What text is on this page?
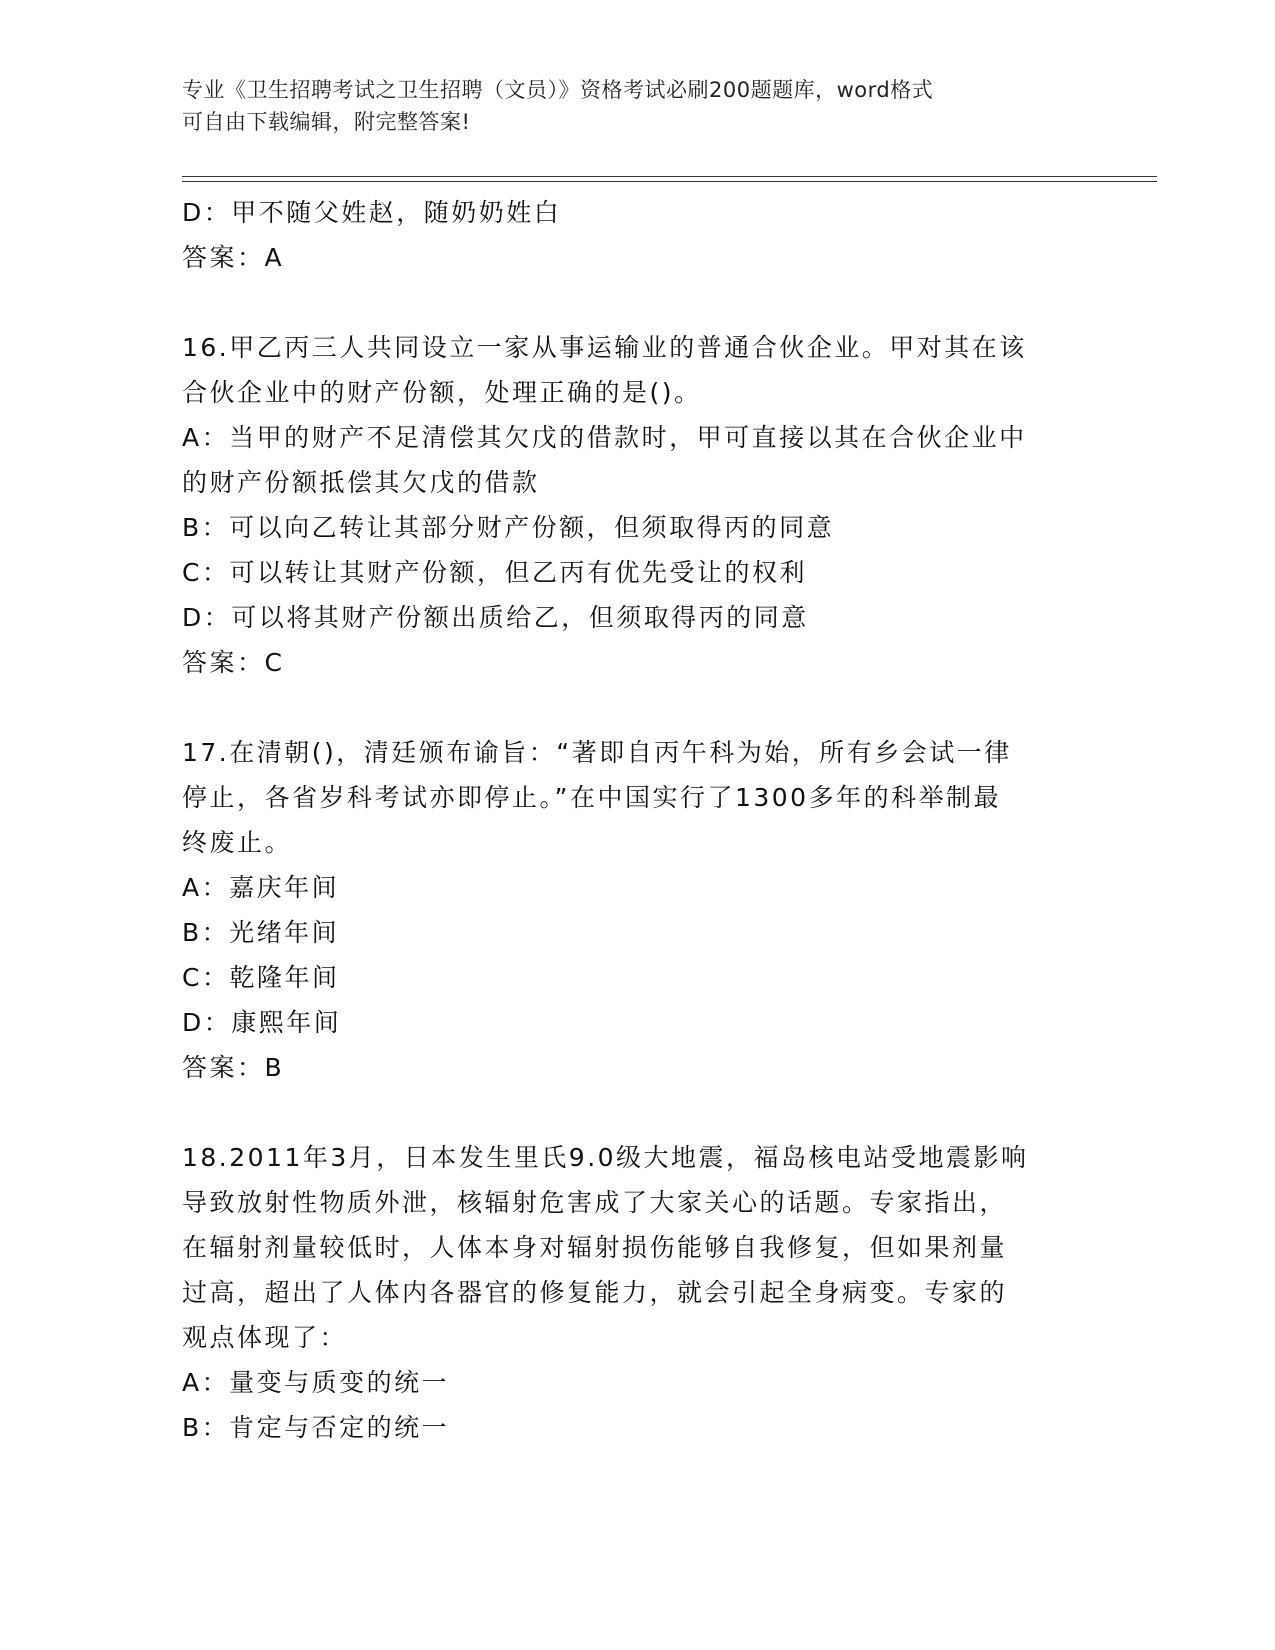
专业《卫生招聘考试之卫生招聘（文员）》资格考试必刷200题题库，word格式
可自由下载编辑，附完整答案!

D：甲不随父姓赵，随奶奶姓白

答案：A

16.甲乙丙三人共同设立一家从事运输业的普通合伙企业。甲对其在该

合伙企业中的财产份额，处理正确的是()。

A：当甲的财产不足清偿其欠戊的借款时，甲可直接以其在合伙企业中

的财产份额抵偿其欠戊的借款

B：可以向乙转让其部分财产份额，但须取得丙的同意

C：可以转让其财产份额，但乙丙有优先受让的权利

D：可以将其财产份额出质给乙，但须取得丙的同意

答案：C

17.在清朝()，清廷颁布谕旨：“著即自丙午科为始，所有乡会试一律

停止，各省岁科考试亦即停止。”在中国实行了1300多年的科举制最

终废止。

A：嘉庆年间

B：光绪年间

C：乾隆年间

D：康熙年间

答案：B

18.2011年3月，日本发生里氏9.0级大地震，福岛核电站受地震影响

导致放射性物质外泄，核辐射危害成了大家关心的话题。专家指出，

在辐射剂量较低时，人体本身对辐射损伤能够自我修复，但如果剂量

过高，超出了人体内各器官的修复能力，就会引起全身病变。专家的

观点体现了：

A：量变与质变的统一

B：肯定与否定的统一
